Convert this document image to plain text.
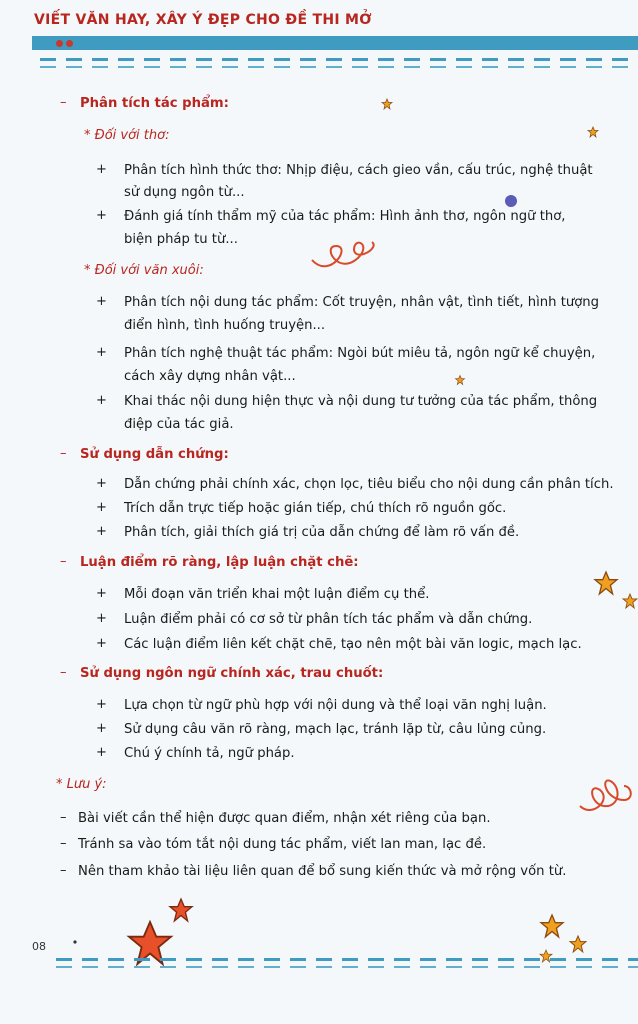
VIẾT VĂN HAY, XÂY Ý ĐẸP CHO ĐỀ THI MỞ
– Phân tích tác phẩm:
* Đối với thơ:
+ Phân tích hình thức thơ: Nhịp điệu, cách gieo vần, cấu trúc, nghệ thuật
sử dụng ngôn từ...
+ Đánh giá tính thẩm mỹ của tác phẩm: Hình ảnh thơ, ngôn ngữ thơ,
biện pháp tu từ...
* Đối với văn xuôi:
+ Phân tích nội dung tác phẩm: Cốt truyện, nhân vật, tình tiết, hình tượng
điển hình, tình huống truyện...
+ Phân tích nghệ thuật tác phẩm: Ngòi bút miêu tả, ngôn ngữ kể chuyện,
cách xây dựng nhân vật...
+ Khai thác nội dung hiện thực và nội dung tư tưởng của tác phẩm, thông
điệp của tác giả.
– Sử dụng dẫn chứng:
+ Dẫn chứng phải chính xác, chọn lọc, tiêu biểu cho nội dung cần phân tích.
+ Trích dẫn trực tiếp hoặc gián tiếp, chú thích rõ nguồn gốc.
+ Phân tích, giải thích giá trị của dẫn chứng để làm rõ vấn đề.
– Luận điểm rõ ràng, lập luận chặt chẽ:
+ Mỗi đoạn văn triển khai một luận điểm cụ thể.
+ Luận điểm phải có cơ sở từ phân tích tác phẩm và dẫn chứng.
+ Các luận điểm liên kết chặt chẽ, tạo nên một bài văn logic, mạch lạc.
– Sử dụng ngôn ngữ chính xác, trau chuốt:
+ Lựa chọn từ ngữ phù hợp với nội dung và thể loại văn nghị luận.
+ Sử dụng câu văn rõ ràng, mạch lạc, tránh lặp từ, câu lủng củng.
+ Chú ý chính tả, ngữ pháp.
* Lưu ý:
– Bài viết cần thể hiện được quan điểm, nhận xét riêng của bạn.
– Tránh sa vào tóm tắt nội dung tác phẩm, viết lan man, lạc đề.
– Nên tham khảo tài liệu liên quan để bổ sung kiến thức và mở rộng vốn từ.
08
